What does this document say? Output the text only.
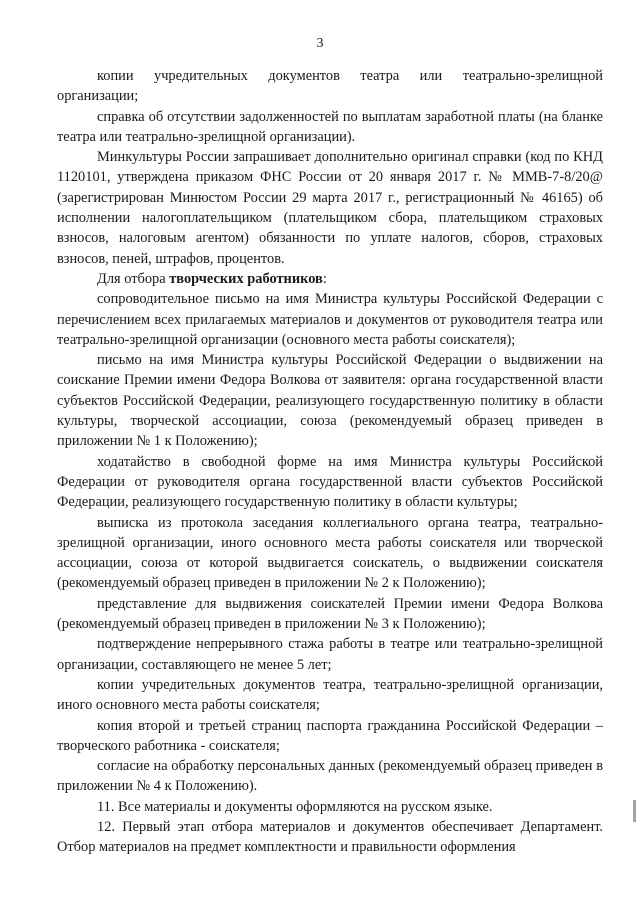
3

копии учредительных документов театра или театрально-зрелищной организации;

справка об отсутствии задолженностей по выплатам заработной платы (на бланке театра или театрально-зрелищной организации).

Минкультуры России запрашивает дополнительно оригинал справки (код по КНД 1120101, утверждена приказом ФНС России от 20 января 2017 г. № ММВ-7-8/20@ (зарегистрирован Минюстом России 29 марта 2017 г., регистрационный № 46165) об исполнении налогоплательщиком (плательщиком сбора, плательщиком страховых взносов, налоговым агентом) обязанности по уплате налогов, сборов, страховых взносов, пеней, штрафов, процентов.

Для отбора творческих работников:

сопроводительное письмо на имя Министра культуры Российской Федерации с перечислением всех прилагаемых материалов и документов от руководителя театра или театрально-зрелищной организации (основного места работы соискателя);

письмо на имя Министра культуры Российской Федерации о выдвижении на соискание Премии имени Федора Волкова от заявителя: органа государственной власти субъектов Российской Федерации, реализующего государственную политику в области культуры, творческой ассоциации, союза (рекомендуемый образец приведен в приложении № 1 к Положению);

ходатайство в свободной форме на имя Министра культуры Российской Федерации от руководителя органа государственной власти субъектов Российской Федерации, реализующего государственную политику в области культуры;

выписка из протокола заседания коллегиального органа театра, театрально-зрелищной организации, иного основного места работы соискателя или творческой ассоциации, союза от которой выдвигается соискатель, о выдвижении соискателя (рекомендуемый образец приведен в приложении № 2 к Положению);

представление для выдвижения соискателей Премии имени Федора Волкова (рекомендуемый образец приведен в приложении № 3 к Положению);

подтверждение непрерывного стажа работы в театре или театрально-зрелищной организации, составляющего не менее 5 лет;

копии учредительных документов театра, театрально-зрелищной организации, иного основного места работы соискателя;

копия второй и третьей страниц паспорта гражданина Российской Федерации – творческого работника - соискателя;

согласие на обработку персональных данных (рекомендуемый образец приведен в приложении № 4 к Положению).

11. Все материалы и документы оформляются на русском языке.

12. Первый этап отбора материалов и документов обеспечивает Департамент. Отбор материалов на предмет комплектности и правильности оформления
